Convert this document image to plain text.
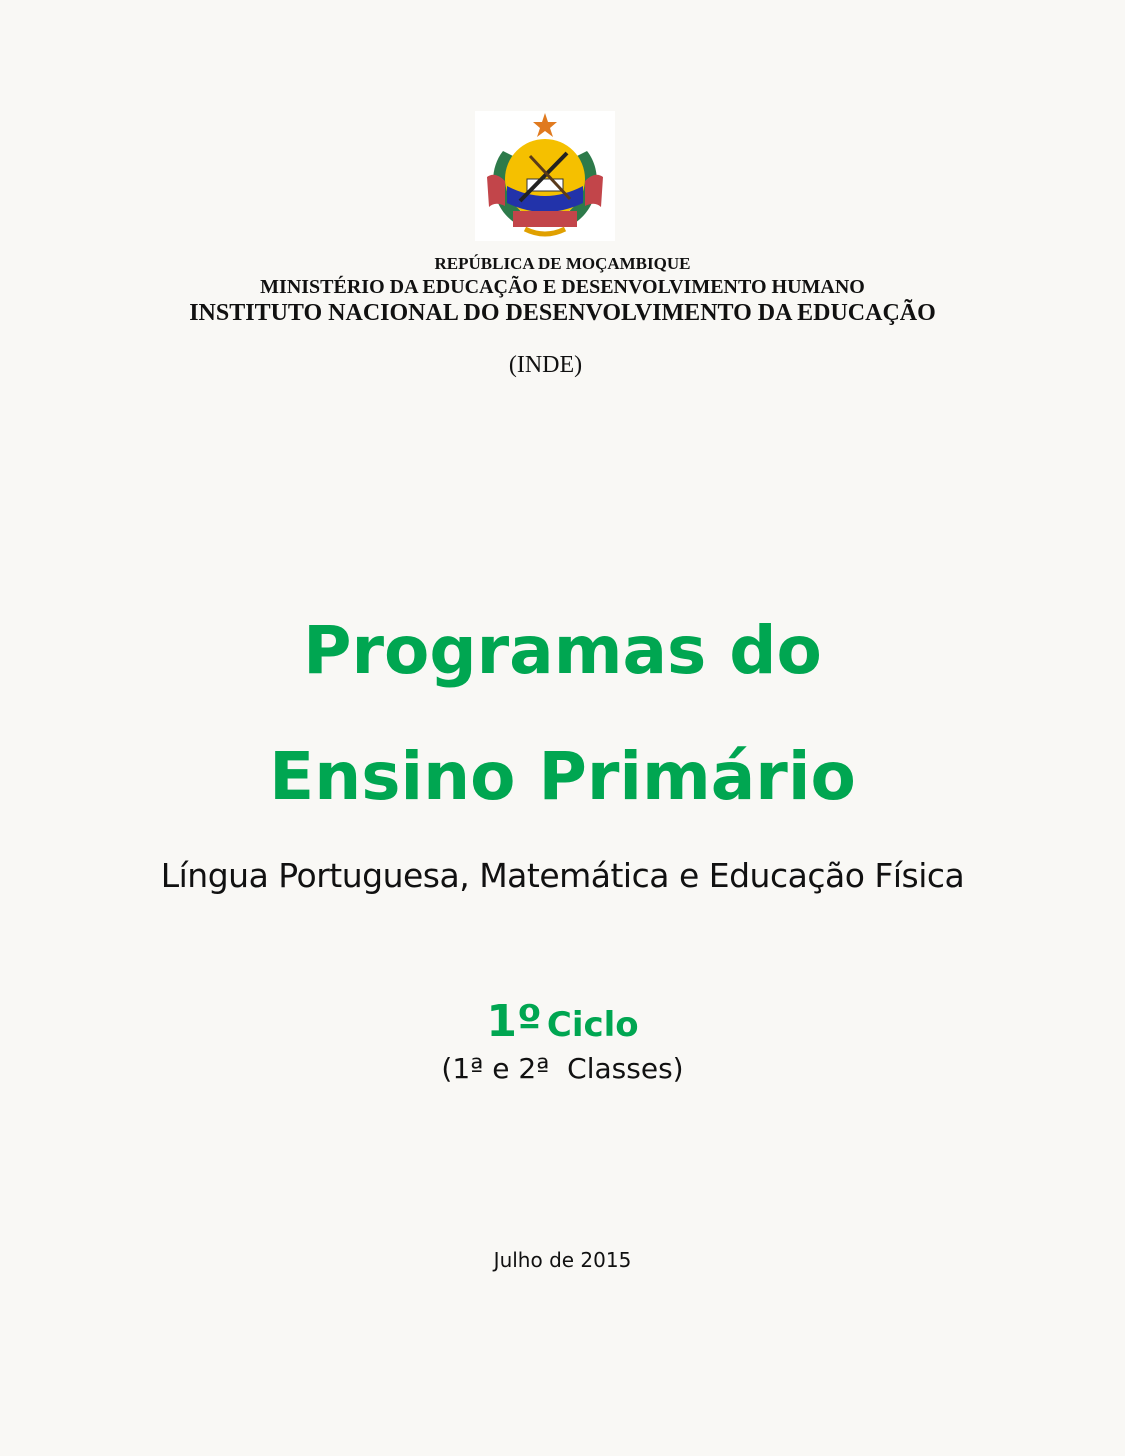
REPÚBLICA DE MOÇAMBIQUE
MINISTÉRIO DA EDUCAÇÃO E DESENVOLVIMENTO HUMANO
INSTITUTO NACIONAL DO DESENVOLVIMENTO DA EDUCAÇÃO
(INDE)
Programas do
Ensino Primário
Língua Portuguesa, Matemática e Educação Física
1º Ciclo
(1ª e 2ª  Classes)
Julho de 2015
